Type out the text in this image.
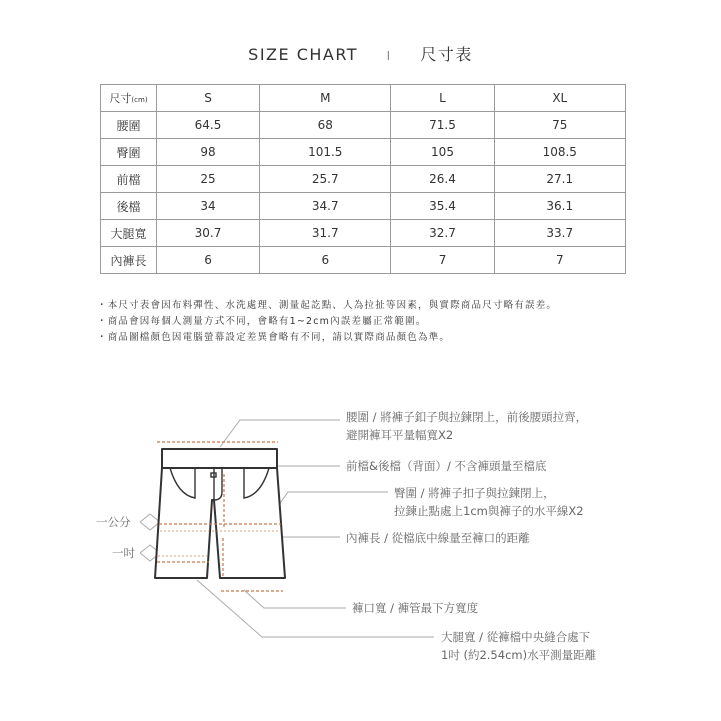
SIZE CHART I 尺寸表
尺寸(cm)	S	M	L	XL
腰圍	64.5	68	71.5	75
臀圍	98	101.5	105	108.5
前檔	25	25.7	26.4	27.1
後檔	34	34.7	35.4	36.1
大腿寬	30.7	31.7	32.7	33.7
內褲長	6	6	7	7
・本尺寸表會因布料彈性、水洗處理、測量起訖點、人為拉扯等因素，與實際商品尺寸略有誤差。
・商品會因每個人測量方式不同，會略有1~2cm內誤差屬正常範圍。
・商品圖檔顏色因電腦螢幕設定差異會略有不同，請以實際商品顏色為準。
腰圍 / 將褲子釦子與拉鍊閉上，前後腰頭拉齊，
避開褲耳平量幅寬X2
前檔&後檔（背面）/ 不含褲頭量至檔底
臀圍 / 將褲子扣子與拉鍊閉上，
拉鍊止點處上1cm與褲子的水平線X2
內褲長 / 從檔底中線量至褲口的距離
褲口寬 / 褲管最下方寬度
大腿寬 / 從褲檔中央縫合處下
1吋 (約2.54cm)水平測量距離
一公分
一吋
